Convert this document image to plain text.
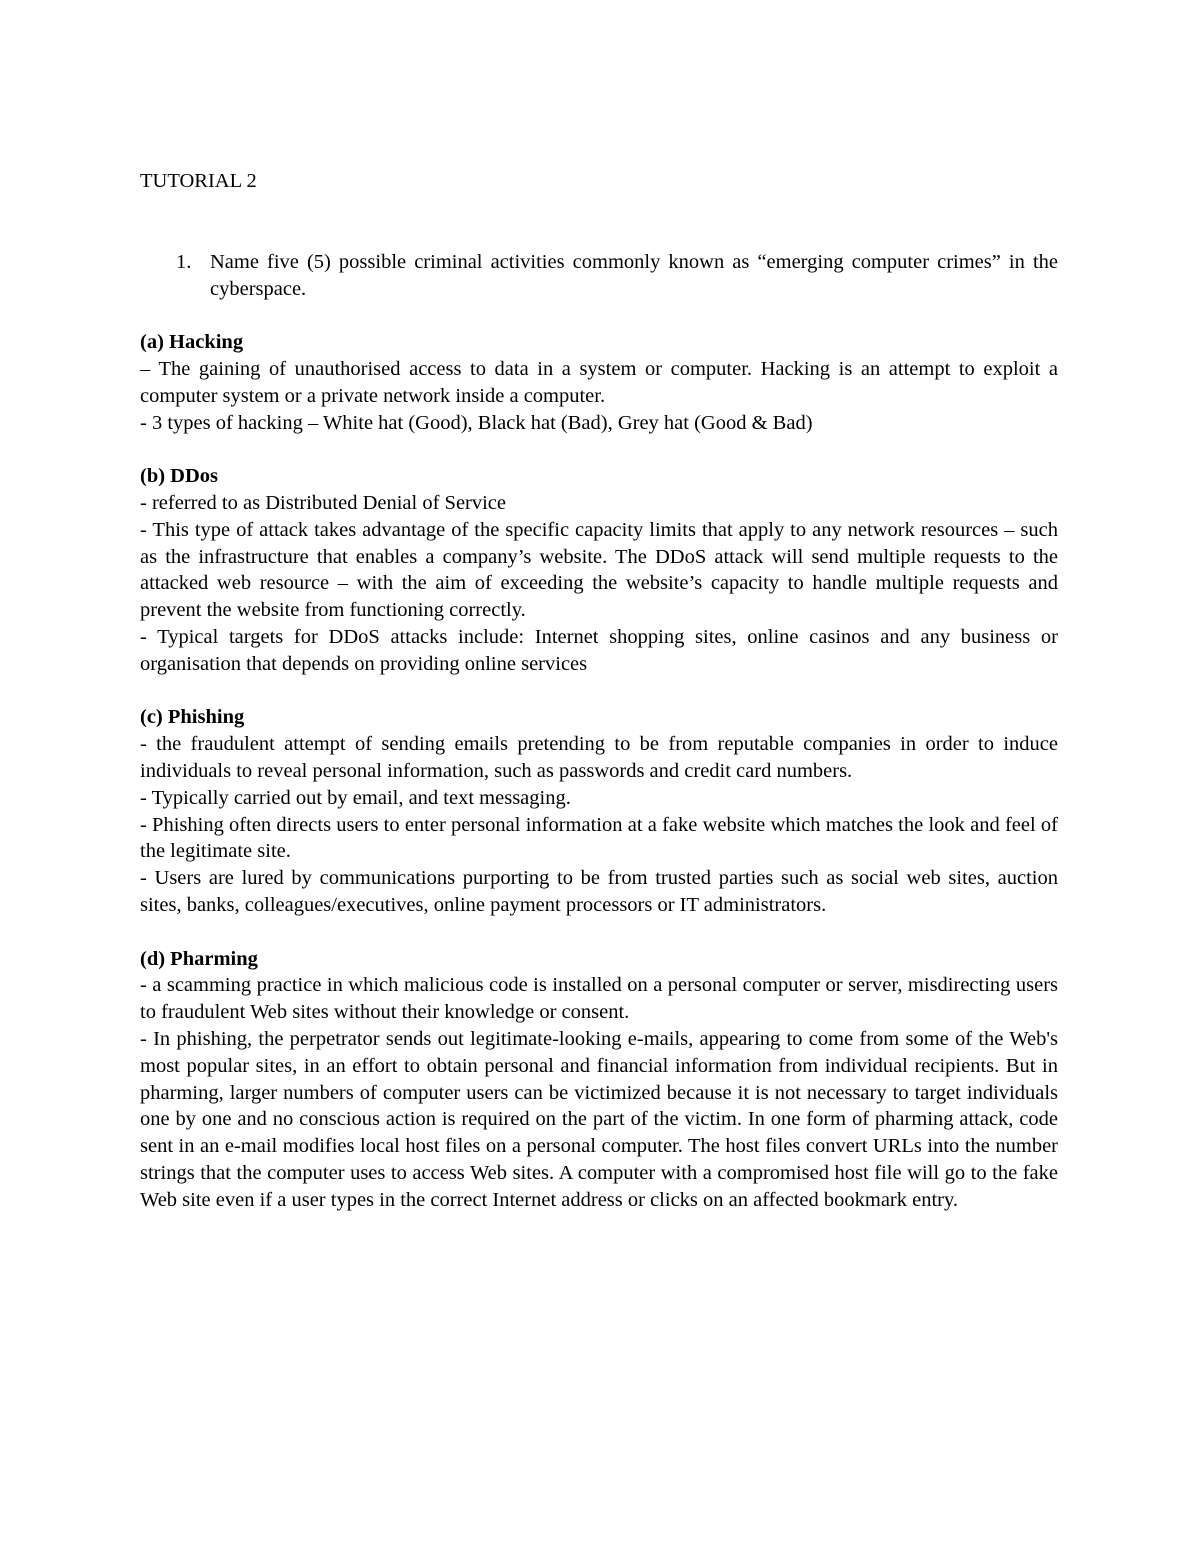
TUTORIAL 2

1. Name five (5) possible criminal activities commonly known as “emerging computer crimes” in the cyberspace.

(a) Hacking

– The gaining of unauthorised access to data in a system or computer. Hacking is an attempt to exploit a computer system or a private network inside a computer.

- 3 types of hacking – White hat (Good), Black hat (Bad), Grey hat (Good & Bad)

(b) DDos

- referred to as Distributed Denial of Service

- This type of attack takes advantage of the specific capacity limits that apply to any network resources – such as the infrastructure that enables a company’s website. The DDoS attack will send multiple requests to the attacked web resource – with the aim of exceeding the website’s capacity to handle multiple requests and prevent the website from functioning correctly.

- Typical targets for DDoS attacks include: Internet shopping sites, online casinos and any business or organisation that depends on providing online services

(c) Phishing

- the fraudulent attempt of sending emails pretending to be from reputable companies in order to induce individuals to reveal personal information, such as passwords and credit card numbers.

- Typically carried out by email, and text messaging.

- Phishing often directs users to enter personal information at a fake website which matches the look and feel of the legitimate site.

- Users are lured by communications purporting to be from trusted parties such as social web sites, auction sites, banks, colleagues/executives, online payment processors or IT administrators.

(d) Pharming

- a scamming practice in which malicious code is installed on a personal computer or server, misdirecting users to fraudulent Web sites without their knowledge or consent.

- In phishing, the perpetrator sends out legitimate-looking e-mails, appearing to come from some of the Web's most popular sites, in an effort to obtain personal and financial information from individual recipients. But in pharming, larger numbers of computer users can be victimized because it is not necessary to target individuals one by one and no conscious action is required on the part of the victim. In one form of pharming attack, code sent in an e-mail modifies local host files on a personal computer. The host files convert URLs into the number strings that the computer uses to access Web sites. A computer with a compromised host file will go to the fake Web site even if a user types in the correct Internet address or clicks on an affected bookmark entry.
